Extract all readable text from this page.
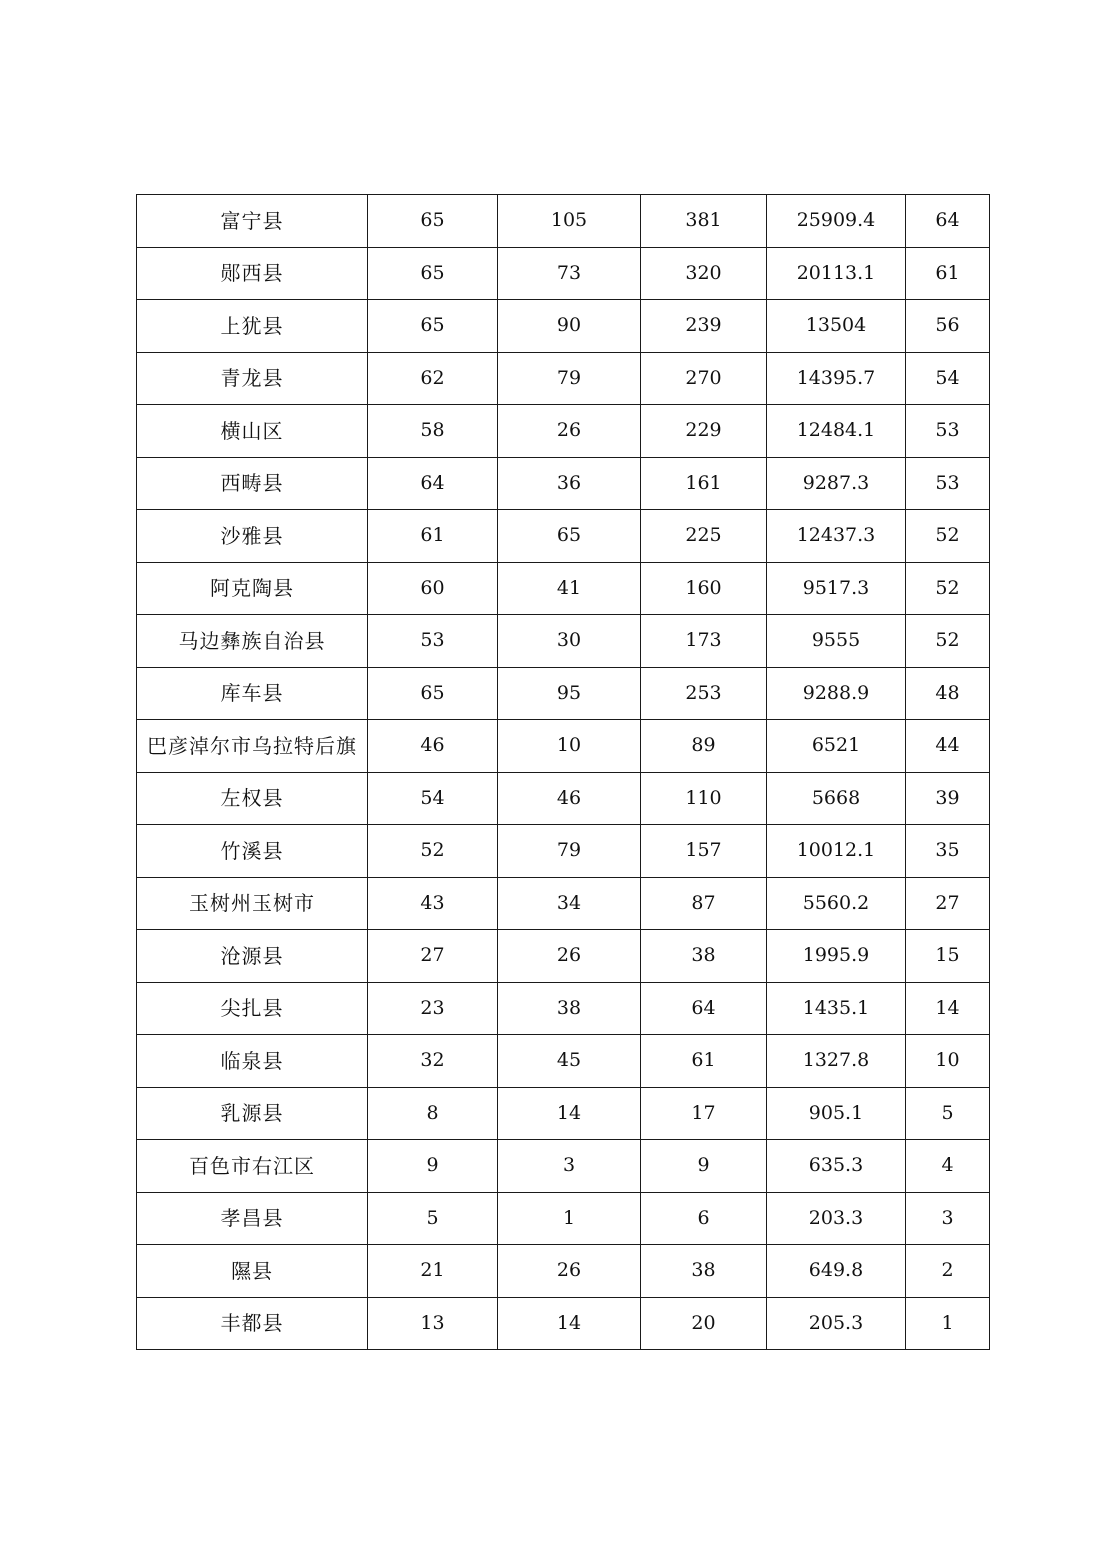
富宁县	65	105	381	25909.4	64
郧西县	65	73	320	20113.1	61
上犹县	65	90	239	13504	56
青龙县	62	79	270	14395.7	54
横山区	58	26	229	12484.1	53
西畴县	64	36	161	9287.3	53
沙雅县	61	65	225	12437.3	52
阿克陶县	60	41	160	9517.3	52
马边彝族自治县	53	30	173	9555	52
库车县	65	95	253	9288.9	48
巴彦淖尔市乌拉特后旗	46	10	89	6521	44
左权县	54	46	110	5668	39
竹溪县	52	79	157	10012.1	35
玉树州玉树市	43	34	87	5560.2	27
沧源县	27	26	38	1995.9	15
尖扎县	23	38	64	1435.1	14
临泉县	32	45	61	1327.8	10
乳源县	8	14	17	905.1	5
百色市右江区	9	3	9	635.3	4
孝昌县	5	1	6	203.3	3
隰县	21	26	38	649.8	2
丰都县	13	14	20	205.3	1
